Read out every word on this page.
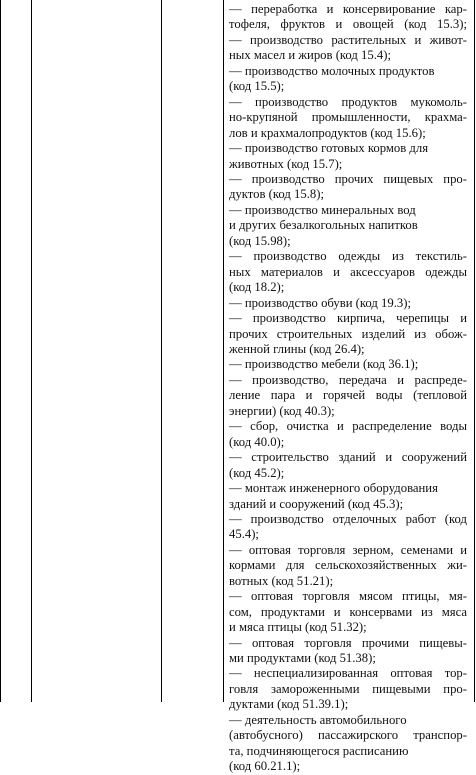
— переработка и консервирование кар-
тофеля, фруктов и овощей (код 15.3);
— производство растительных и живот-
ных масел и жиров (код 15.4);
— производство молочных продуктов
(код 15.5);
— производство продуктов мукомоль-
но-крупяной промышленности, крахма-
лов и крахмалопродуктов (код 15.6);
— производство готовых кормов для
животных (код 15.7);
— производство прочих пищевых про-
дуктов (код 15.8);
— производство минеральных вод
и других безалкогольных напитков
(код 15.98);
— производство одежды из текстиль-
ных материалов и аксессуаров одежды
(код 18.2);
— производство обуви (код 19.3);
— производство кирпича, черепицы и
прочих строительных изделий из обож-
женной глины (код 26.4);
— производство мебели (код 36.1);
— производство, передача и распреде-
ление пара и горячей воды (тепловой
энергии) (код 40.3);
— сбор, очистка и распределение воды
(код 40.0);
— строительство зданий и сооружений
(код 45.2);
— монтаж инженерного оборудования
зданий и сооружений (код 45.3);
— производство отделочных работ (код
45.4);
— оптовая торговля зерном, семенами и
кормами для сельскохозяйственных жи-
вотных (код 51.21);
— оптовая торговля мясом птицы, мя-
сом, продуктами и консервами из мяса
и мяса птицы (код 51.32);
— оптовая торговля прочими пищевы-
ми продуктами (код 51.38);
— неспециализированная оптовая тор-
говля замороженными пищевыми про-
дуктами (код 51.39.1);
— деятельность автомобильного
(автобусного) пассажирского транспор-
та, подчиняющегося расписанию
(код 60.21.1);
